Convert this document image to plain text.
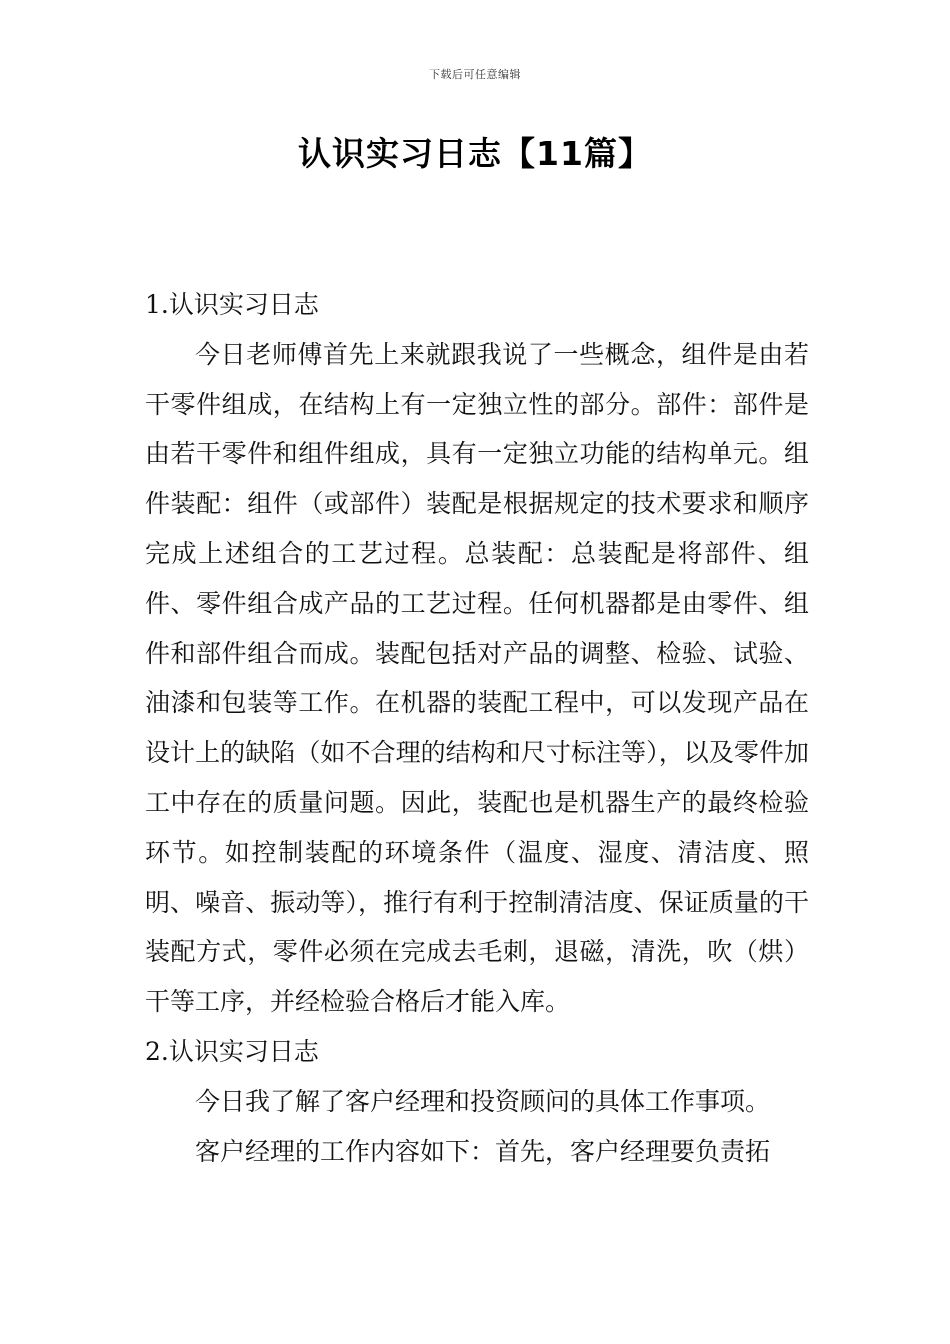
下载后可任意编辑
认识实习日志【11篇】
1.认识实习日志

今日老师傅首先上来就跟我说了一些概念，组件是由若干零件组成，在结构上有一定独立性的部分。部件：部件是由若干零件和组件组成，具有一定独立功能的结构单元。组件装配：组件（或部件）装配是根据规定的技术要求和顺序完成上述组合的工艺过程。总装配：总装配是将部件、组件、零件组合成产品的工艺过程。任何机器都是由零件、组件和部件组合而成。装配包括对产品的调整、检验、试验、油漆和包装等工作。在机器的装配工程中，可以发现产品在设计上的缺陷（如不合理的结构和尺寸标注等），以及零件加工中存在的质量问题。因此，装配也是机器生产的最终检验环节。如控制装配的环境条件（温度、湿度、清洁度、照明、噪音、振动等），推行有利于控制清洁度、保证质量的干装配方式，零件必须在完成去毛刺，退磁，清洗，吹（烘）干等工序，并经检验合格后才能入库。

2.认识实习日志

今日我了解了客户经理和投资顾问的具体工作事项。

客户经理的工作内容如下：首先，客户经理要负责拓
